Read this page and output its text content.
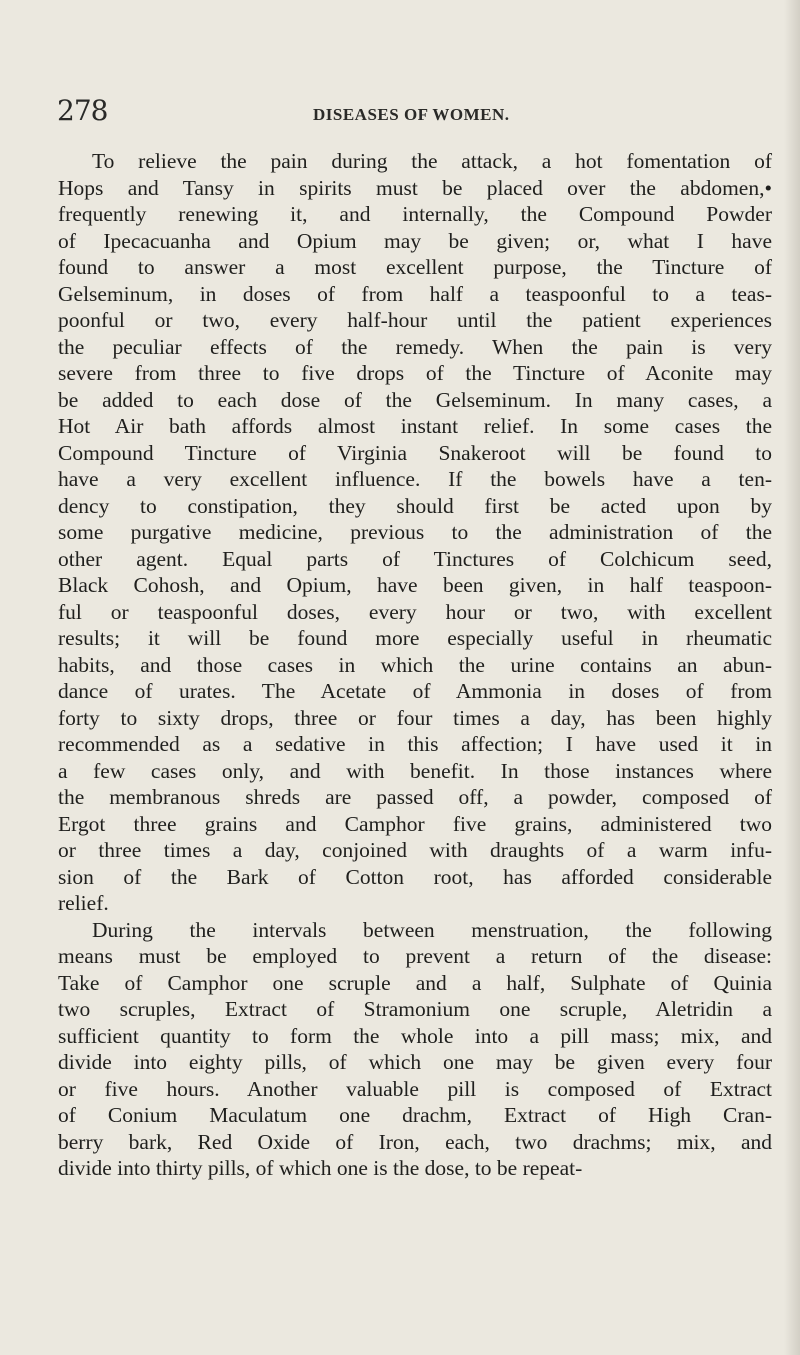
278	DISEASES OF WOMEN.

To relieve the pain during the attack, a hot fomentation of
Hops and Tansy in spirits must be placed over the abdomen,•
frequently renewing it, and internally, the Compound Powder
of Ipecacuanha and Opium may be given; or, what I have
found to answer a most excellent purpose, the Tincture of
Gelseminum, in doses of from half a teaspoonful to a teas-
poonful or two, every half-hour until the patient experiences
the peculiar effects of the remedy. When the pain is very
severe from three to five drops of the Tincture of Aconite may
be added to each dose of the Gelseminum. In many cases, a
Hot Air bath affords almost instant relief. In some cases the
Compound Tincture of Virginia Snakeroot will be found to
have a very excellent influence. If the bowels have a ten-
dency to constipation, they should first be acted upon by
some purgative medicine, previous to the administration of the
other agent. Equal parts of Tinctures of Colchicum seed,
Black Cohosh, and Opium, have been given, in half teaspoon-
ful or teaspoonful doses, every hour or two, with excellent
results; it will be found more especially useful in rheumatic
habits, and those cases in which the urine contains an abun-
dance of urates. The Acetate of Ammonia in doses of from
forty to sixty drops, three or four times a day, has been highly
recommended as a sedative in this affection; I have used it in
a few cases only, and with benefit. In those instances where
the membranous shreds are passed off, a powder, composed of
Ergot three grains and Camphor five grains, administered two
or three times a day, conjoined with draughts of a warm infu-
sion of the Bark of Cotton root, has afforded considerable
relief.

During the intervals between menstruation, the following
means must be employed to prevent a return of the disease:
Take of Camphor one scruple and a half, Sulphate of Quinia
two scruples, Extract of Stramonium one scruple, Aletridin a
sufficient quantity to form the whole into a pill mass; mix, and
divide into eighty pills, of which one may be given every four
or five hours. Another valuable pill is composed of Extract
of Conium Maculatum one drachm, Extract of High Cran-
berry bark, Red Oxide of Iron, each, two drachms; mix, and
divide into thirty pills, of which one is the dose, to be repeat-
